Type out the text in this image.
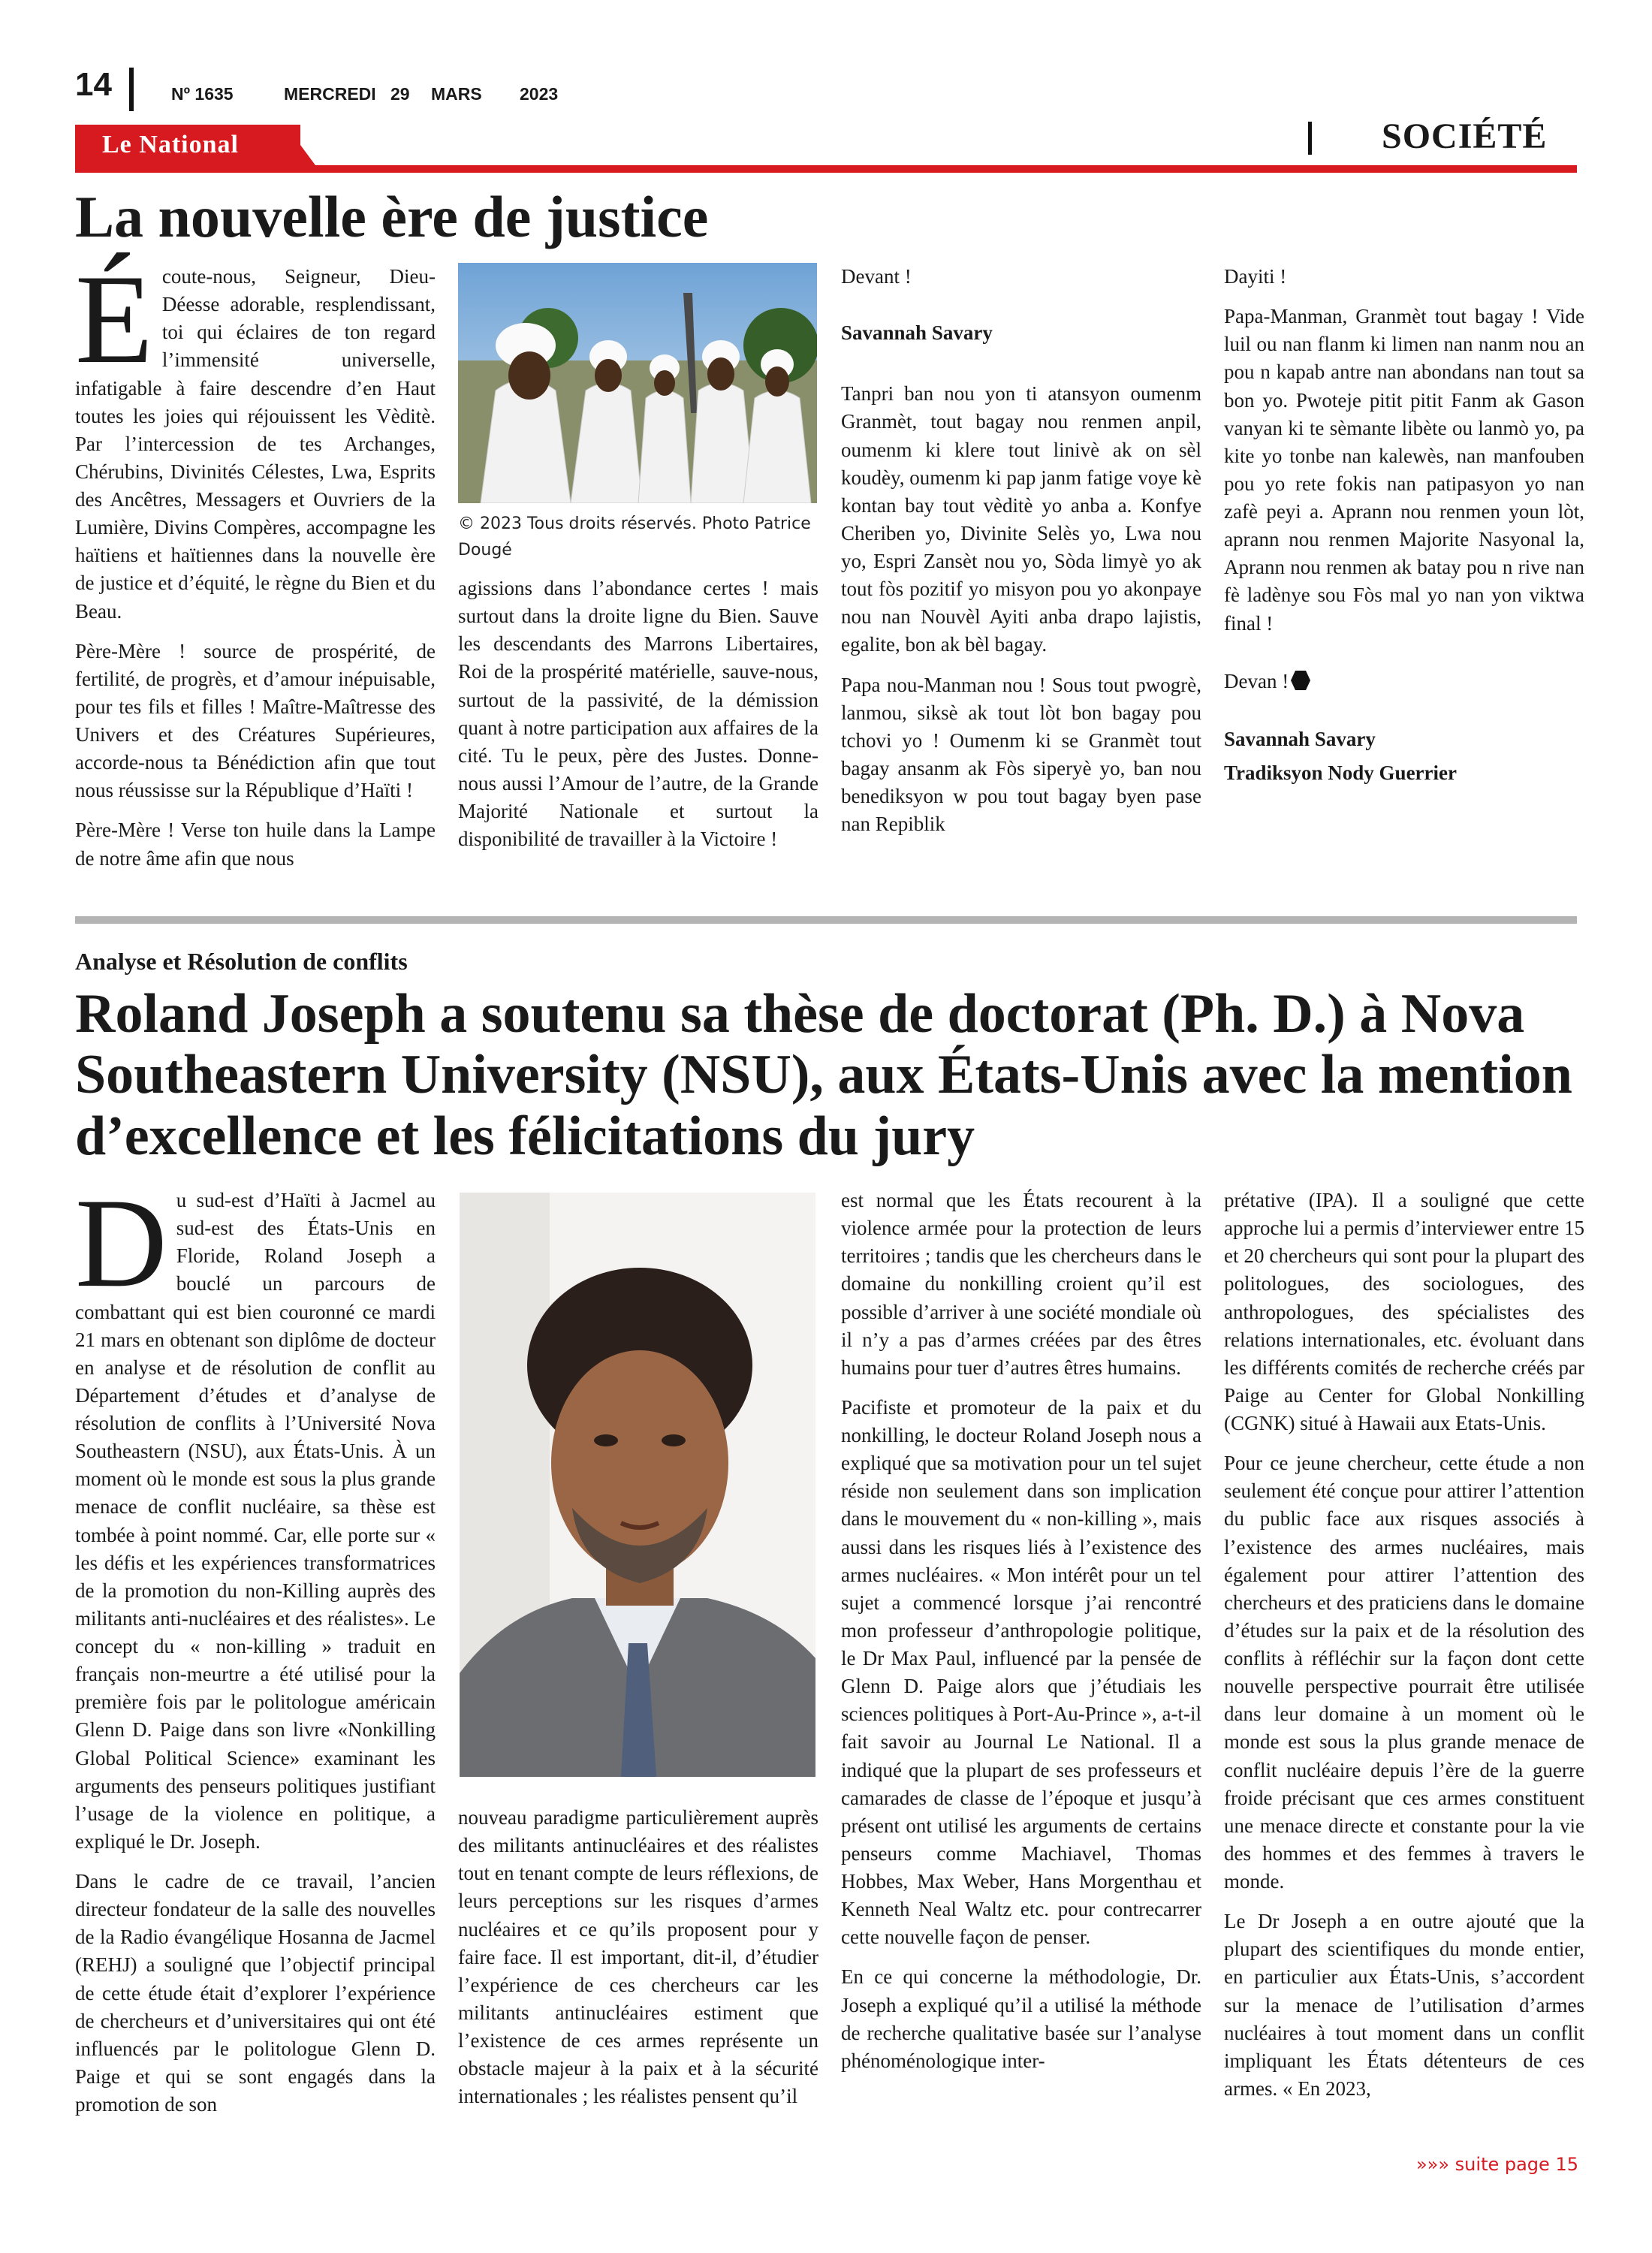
14	Nº 1635	MERCREDI 29 MARS 2023
Le National	SOCIÉTÉ
La nouvelle ère de justice

Écoute-nous, Seigneur, Dieu-Déesse adorable, resplendissant, toi qui éclaires de ton regard l’immensité universelle, infatigable à faire descendre d’en Haut toutes les joies qui réjouissent les Vèditè. Par l’intercession de tes Archanges, Chérubins, Divinités Célestes, Lwa, Esprits des Ancêtres, Messagers et Ouvriers de la Lumière, Divins Compères, accompagne les haïtiens et haïtiennes dans la nouvelle ère de justice et d’équité, le règne du Bien et du Beau.

Père-Mère ! source de prospérité, de fertilité, de progrès, et d’amour inépuisable, pour tes fils et filles ! Maître-Maîtresse des Univers et des Créatures Supérieures, accorde-nous ta Bénédiction afin que tout nous réussisse sur la République d’Haïti !

Père-Mère ! Verse ton huile dans la Lampe de notre âme afin que nous

© 2023 Tous droits réservés. Photo Patrice Dougé

agissions dans l’abondance certes ! mais surtout dans la droite ligne du Bien. Sauve les descendants des Marrons Libertaires, Roi de la prospérité matérielle, sauve-nous, surtout de la passivité, de la démission quant à notre participation aux affaires de la cité. Tu le peux, père des Justes. Donne-nous aussi l’Amour de l’autre, de la Grande Majorité Nationale et surtout la disponibilité de travailler à la Victoire !

Devant !

Savannah Savary

Tanpri ban nou yon ti atansyon oumenm Granmèt, tout bagay nou renmen anpil, oumenm ki klere tout linivè ak on sèl koudèy, oumenm ki pap janm fatige voye kè kontan bay tout vèditè yo anba a. Konfye Cheriben yo, Divinite Selès yo, Lwa nou yo, Espri Zansèt nou yo, Sòda limyè yo ak tout fòs pozitif yo misyon pou yo akonpaye nou nan Nouvèl Ayiti anba drapo lajistis, egalite, bon ak bèl bagay.

Papa nou-Manman nou ! Sous tout pwogrè, lanmou, siksè ak tout lòt bon bagay pou tchovi yo ! Oumenm ki se Granmèt tout bagay ansanm ak Fòs siperyè yo, ban nou benediksyon w pou tout bagay byen pase nan Repiblik

Dayiti !

Papa-Manman, Granmèt tout bagay ! Vide luil ou nan flanm ki limen nan nanm nou an pou n kapab antre nan abondans nan tout sa bon yo. Pwoteje pitit pitit Fanm ak Gason vanyan ki te sèmante libète ou lanmò yo, pa kite yo tonbe nan kalewès, nan manfouben pou yo rete fokis nan patipasyon yo nan zafè peyi a. Aprann nou renmen youn lòt, aprann nou renmen Majorite Nasyonal la, Aprann nou renmen ak batay pou n rive nan fè ladènye sou Fòs mal yo nan yon viktwa final !

Devan !

Savannah Savary

Tradiksyon Nody Guerrier

Analyse et Résolution de conflits
Roland Joseph a soutenu sa thèse de doctorat (Ph. D.) à Nova Southeastern University (NSU), aux États-Unis avec la mention d’excellence et les félicitations du jury

Du sud-est d’Haïti à Jacmel au sud-est des États-Unis en Floride, Roland Joseph a bouclé un parcours de combattant qui est bien couronné ce mardi 21 mars en obtenant son diplôme de docteur en analyse et de résolution de conflit au Département d’études et d’analyse de résolution de conflits à l’Université Nova Southeastern (NSU), aux États-Unis. À un moment où le monde est sous la plus grande menace de conflit nucléaire, sa thèse est tombée à point nommé. Car, elle porte sur « les défis et les expériences transformatrices de la promotion du non-Killing auprès des militants anti-nucléaires et des réalistes». Le concept du « non-killing » traduit en français non-meurtre a été utilisé pour la première fois par le politologue américain Glenn D. Paige dans son livre «Nonkilling Global Political Science» examinant les arguments des penseurs politiques justifiant l’usage de la violence en politique, a expliqué le Dr. Joseph.

Dans le cadre de ce travail, l’ancien directeur fondateur de la salle des nouvelles de la Radio évangélique Hosanna de Jacmel (REHJ) a souligné que l’objectif principal de cette étude était d’explorer l’expérience de chercheurs et d’universitaires qui ont été influencés par le politologue Glenn D. Paige et qui se sont engagés dans la promotion de son

nouveau paradigme particulièrement auprès des militants antinucléaires et des réalistes tout en tenant compte de leurs réflexions, de leurs perceptions sur les risques d’armes nucléaires et ce qu’ils proposent pour y faire face. Il est important, dit-il, d’étudier l’expérience de ces chercheurs car les militants antinucléaires estiment que l’existence de ces armes représente un obstacle majeur à la paix et à la sécurité internationales ; les réalistes pensent qu’il

est normal que les États recourent à la violence armée pour la protection de leurs territoires ; tandis que les chercheurs dans le domaine du nonkilling croient qu’il est possible d’arriver à une société mondiale où il n’y a pas d’armes créées par des êtres humains pour tuer d’autres êtres humains.

Pacifiste et promoteur de la paix et du nonkilling, le docteur Roland Joseph nous a expliqué que sa motivation pour un tel sujet réside non seulement dans son implication dans le mouvement du « non-killing », mais aussi dans les risques liés à l’existence des armes nucléaires. « Mon intérêt pour un tel sujet a commencé lorsque j’ai rencontré mon professeur d’anthropologie politique, le Dr Max Paul, influencé par la pensée de Glenn D. Paige alors que j’étudiais les sciences politiques à Port-Au-Prince », a-t-il fait savoir au Journal Le National. Il a indiqué que la plupart de ses professeurs et camarades de classe de l’époque et jusqu’à présent ont utilisé les arguments de certains penseurs comme Machiavel, Thomas Hobbes, Max Weber, Hans Morgenthau et Kenneth Neal Waltz etc. pour contrecarrer cette nouvelle façon de penser.

En ce qui concerne la méthodologie, Dr. Joseph a expliqué qu’il a utilisé la méthode de recherche qualitative basée sur l’analyse phénoménologique inter-

prétative (IPA). Il a souligné que cette approche lui a permis d’interviewer entre 15 et 20 chercheurs qui sont pour la plupart des politologues, des sociologues, des anthropologues, des spécialistes des relations internationales, etc. évoluant dans les différents comités de recherche créés par Paige au Center for Global Nonkilling (CGNK) situé à Hawaii aux Etats-Unis.

Pour ce jeune chercheur, cette étude a non seulement été conçue pour attirer l’attention du public face aux risques associés à l’existence des armes nucléaires, mais également pour attirer l’attention des chercheurs et des praticiens dans le domaine d’études sur la paix et de la résolution des conflits à réfléchir sur la façon dont cette nouvelle perspective pourrait être utilisée dans leur domaine à un moment où le monde est sous la plus grande menace de conflit nucléaire depuis l’ère de la guerre froide précisant que ces armes constituent une menace directe et constante pour la vie des hommes et des femmes à travers le monde.

Le Dr Joseph a en outre ajouté que la plupart des scientifiques du monde entier, en particulier aux États-Unis, s’accordent sur la menace de l’utilisation d’armes nucléaires à tout moment dans un conflit impliquant les États détenteurs de ces armes. « En 2023,

»»» suite page 15
